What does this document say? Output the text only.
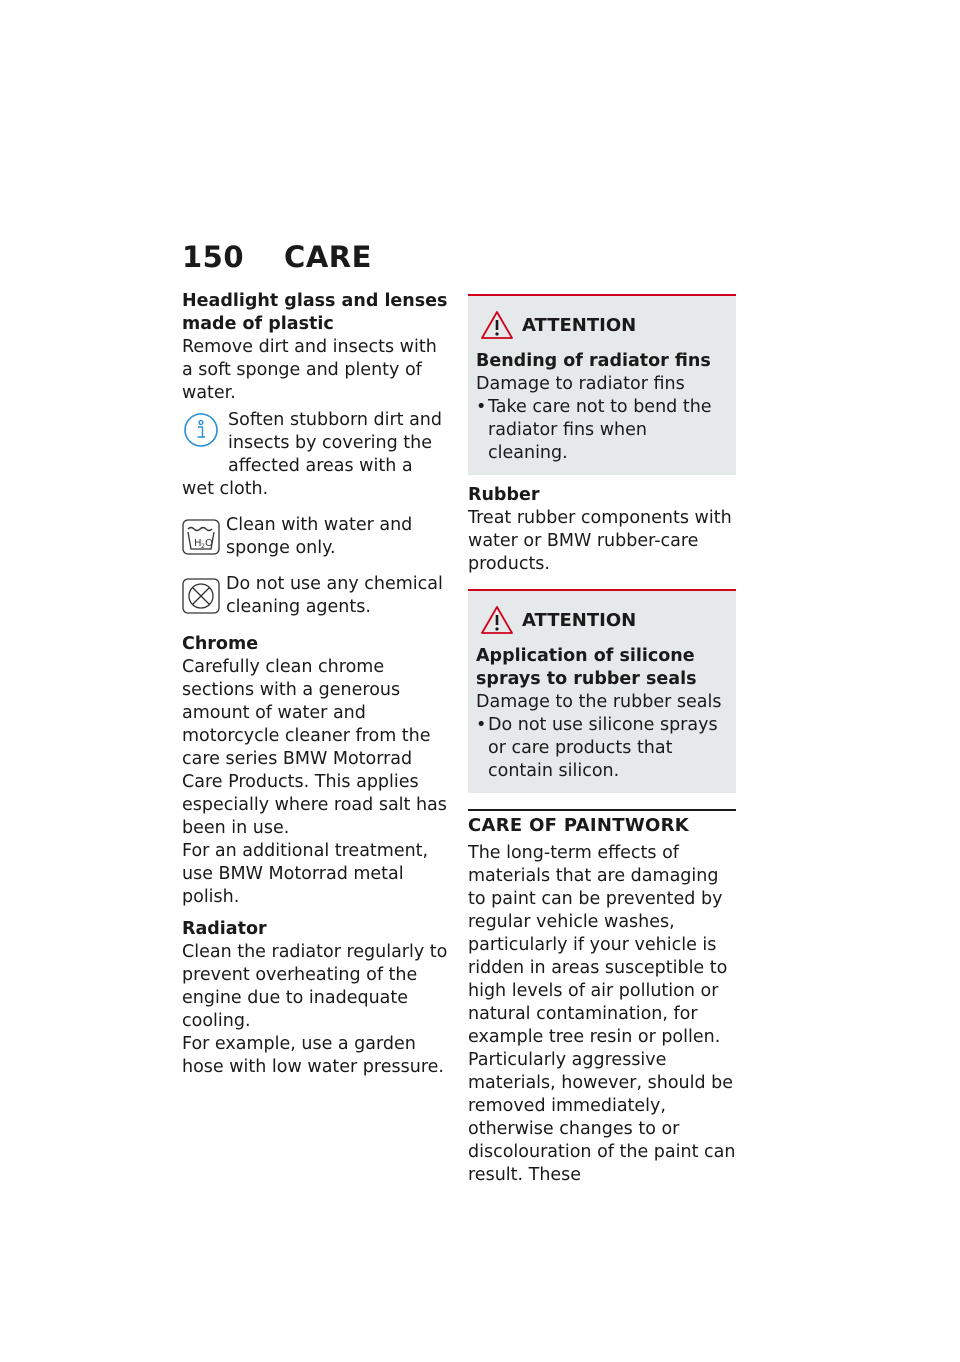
150 CARE

Headlight glass and lenses made of plastic

Remove dirt and insects with a soft sponge and plenty of water.

Soften stubborn dirt and insects by covering the affected areas with a wet cloth.
H 2 O
Clean with water and sponge only.
Do not use any chemical cleaning agents.

Chrome

Carefully clean chrome sections with a generous amount of water and motorcycle cleaner from the care series BMW Motorrad Care Products. This applies especially where road salt has been in use.

For an additional treatment, use BMW Motorrad metal polish.

Radiator

Clean the radiator regularly to prevent overheating of the engine due to inadequate cooling.

For example, use a garden hose with low water pressure.

ATTENTION

Bending of radiator fins

Damage to radiator fins

• Take care not to bend the radiator fins when cleaning.

Rubber

Treat rubber components with water or BMW rubber-care products.

ATTENTION

Application of silicone sprays to rubber seals

Damage to the rubber seals

• Do not use silicone sprays or care products that contain silicon.

CARE OF PAINTWORK

The long-term effects of materials that are damaging to paint can be prevented by regular vehicle washes, particularly if your vehicle is ridden in areas susceptible to high levels of air pollution or natural contamination, for example tree resin or pollen.

Particularly aggressive materials, however, should be removed immediately, otherwise changes to or discolouration of the paint can result. These
